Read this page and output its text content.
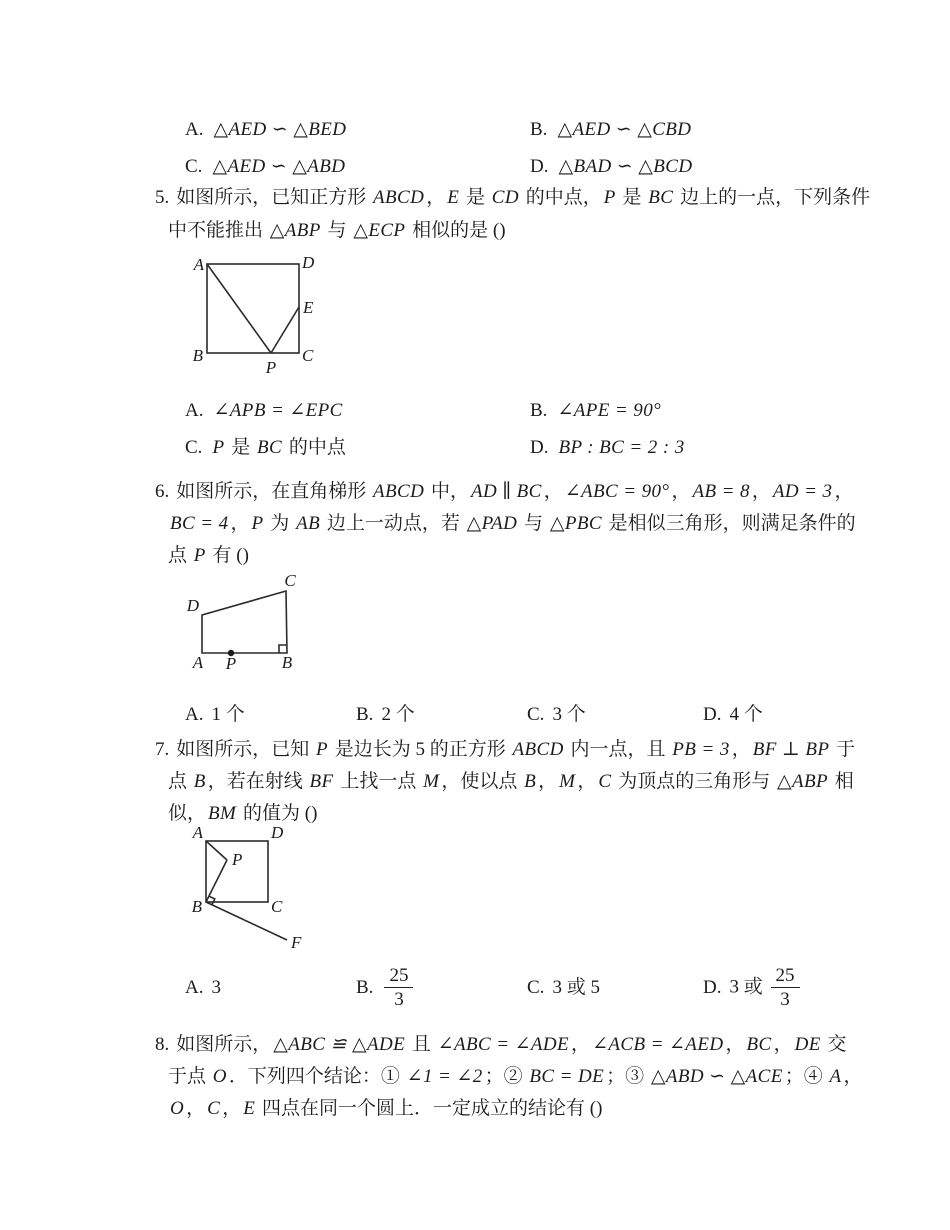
A. △AED ∽ △BED	B. △AED ∽ △CBD
C. △AED ∽ △ABD	D. △BAD ∽ △BCD
5. 如图所示，已知正方形 ABCD ， E 是 CD 的中点， P 是 BC 边上的一点，下列条件
中不能推出 △ABP 与 △ECP 相似的是 ()
A	D
E
B	C
P
A. ∠APB = ∠EPC	B. ∠APE = 90°
C. P 是 BC 的中点	D. BP : BC = 2 : 3
6. 如图所示，在直角梯形 ABCD 中， AD ∥ BC ， ∠ABC = 90° ， AB = 8 ， AD = 3 ，
BC = 4 ， P 为 AB 边上一动点，若 △PAD 与 △PBC 是相似三角形，则满足条件的
点 P 有 ()
A P	B
C
D
A. 1 个	B. 2 个	C. 3 个	D. 4 个
7. 如图所示，已知 P 是边长为 5 的正方形 ABCD 内一点，且 PB = 3 ， BF ⊥ BP 于
点 B ，若在射线 BF 上找一点 M ，使以点 B ， M ， C 为顶点的三角形与 △ABP 相
似， BM 的值为 ()
A	D
P
B	C
F
A. 3	B. $\frac{25}{3}$	C. 3 或 5	D. 3 或 $\frac{25}{3}$
8. 如图所示， △ABC ≌ △ADE 且 ∠ABC = ∠ADE ， ∠ACB = ∠AED ， BC ， DE 交
于点 O ．下列四个结论：① ∠1 = ∠2 ；② BC = DE ；③ △ABD ∽ △ACE ；④ A ，
O ， C ， E 四点在同一个圆上．一定成立的结论有 ()
